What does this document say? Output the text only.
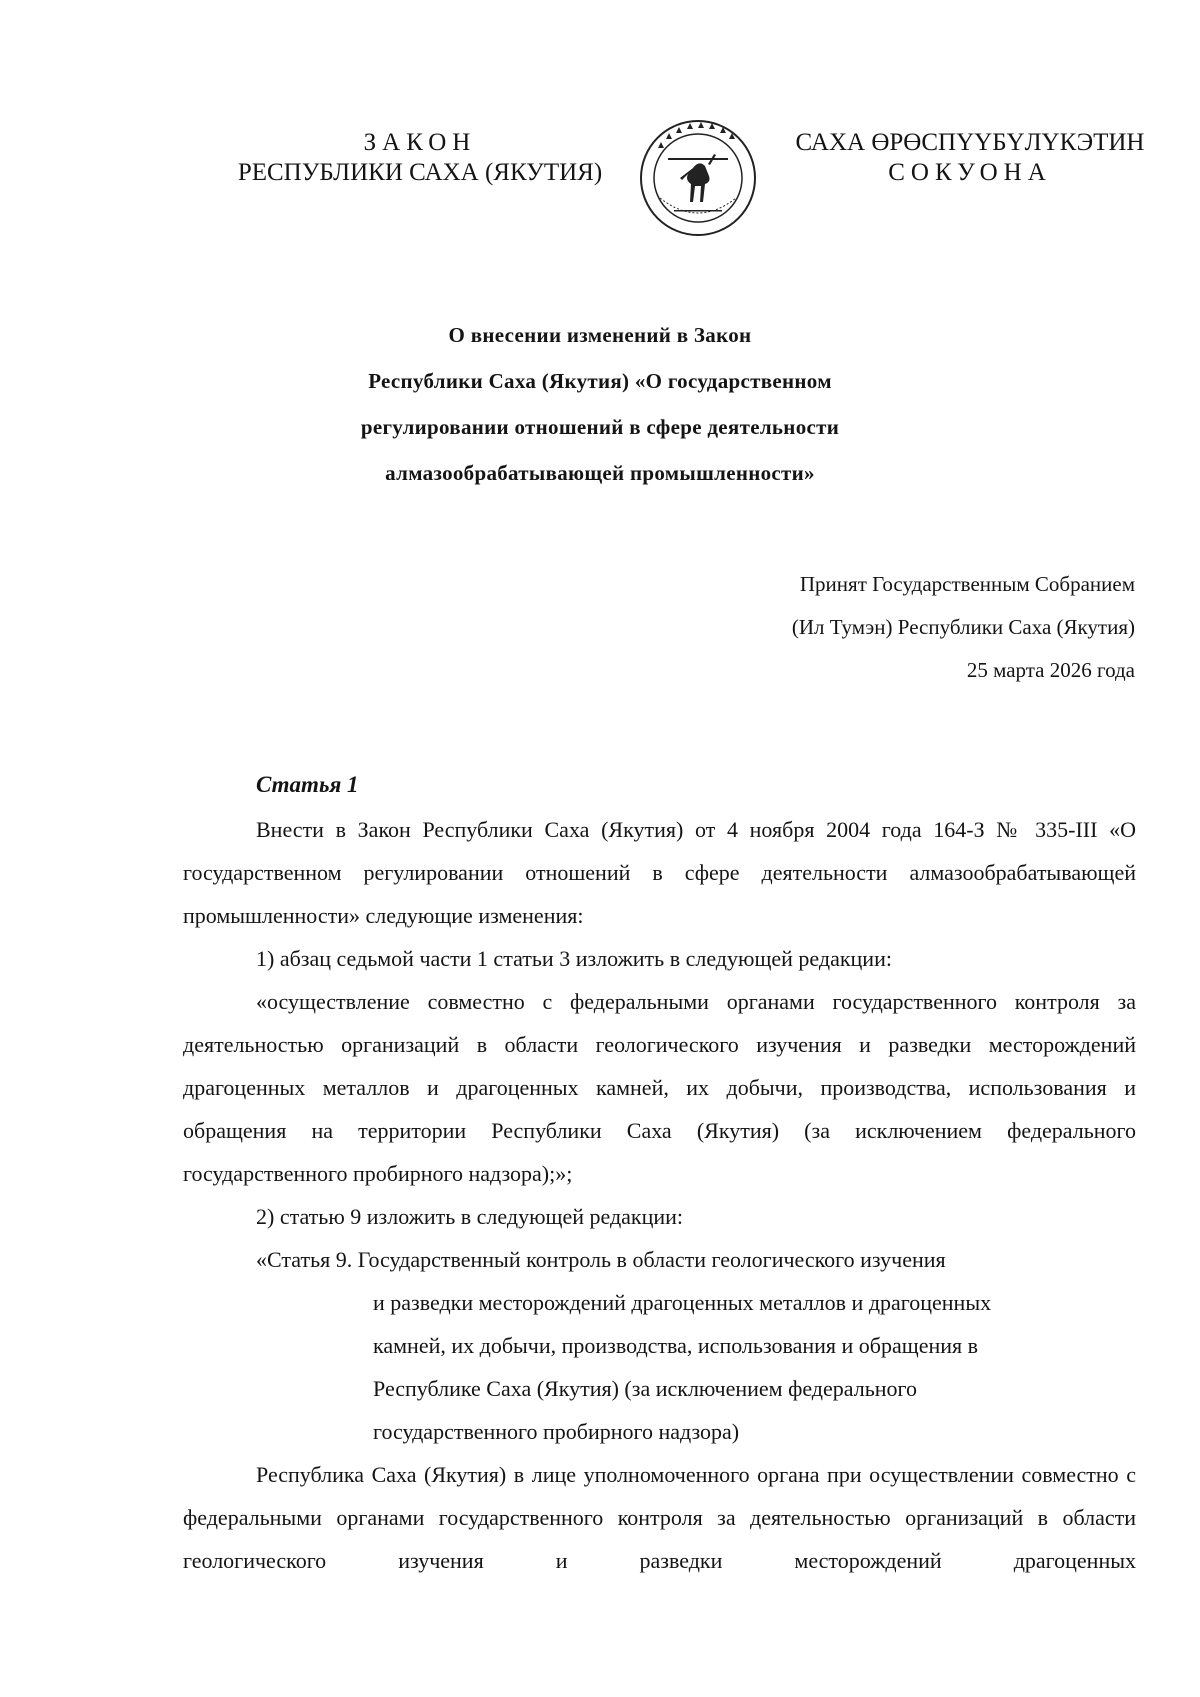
ЗАКОН
РЕСПУБЛИКИ САХА (ЯКУТИЯ)
САХА ӨРӨСПҮҮБҮЛҮКЭТИН
СОКУОНА
О внесении изменений в Закон
Республики Саха (Якутия) «О государственном
регулировании отношений в сфере деятельности
алмазообрабатывающей промышленности»
Принят Государственным Собранием
(Ил Тумэн) Республики Саха (Якутия)
25 марта 2026 года
Статья 1

Внести в Закон Республики Саха (Якутия) от 4 ноября 2004 года 164-З № 335-III «О государственном регулировании отношений в сфере деятельности алмазообрабатывающей промышленности» следующие изменения:

1) абзац седьмой части 1 статьи 3 изложить в следующей редакции:

«осуществление совместно с федеральными органами государственного контроля за деятельностью организаций в области геологического изучения и разведки месторождений драгоценных металлов и драгоценных камней, их добычи, производства, использования и обращения на территории Республики Саха (Якутия) (за исключением федерального государственного пробирного надзора);»;

2) статью 9 изложить в следующей редакции:

«Статья 9. Государственный контроль в области геологического изучения
и разведки месторождений драгоценных металлов и драгоценных
камней, их добычи, производства, использования и обращения в
Республике Саха (Якутия) (за исключением федерального
государственного пробирного надзора)

Республика Саха (Якутия) в лице уполномоченного органа при осуществлении совместно с федеральными органами государственного контроля за деятельностью организаций в области геологического изучения и разведки месторождений драгоценных
